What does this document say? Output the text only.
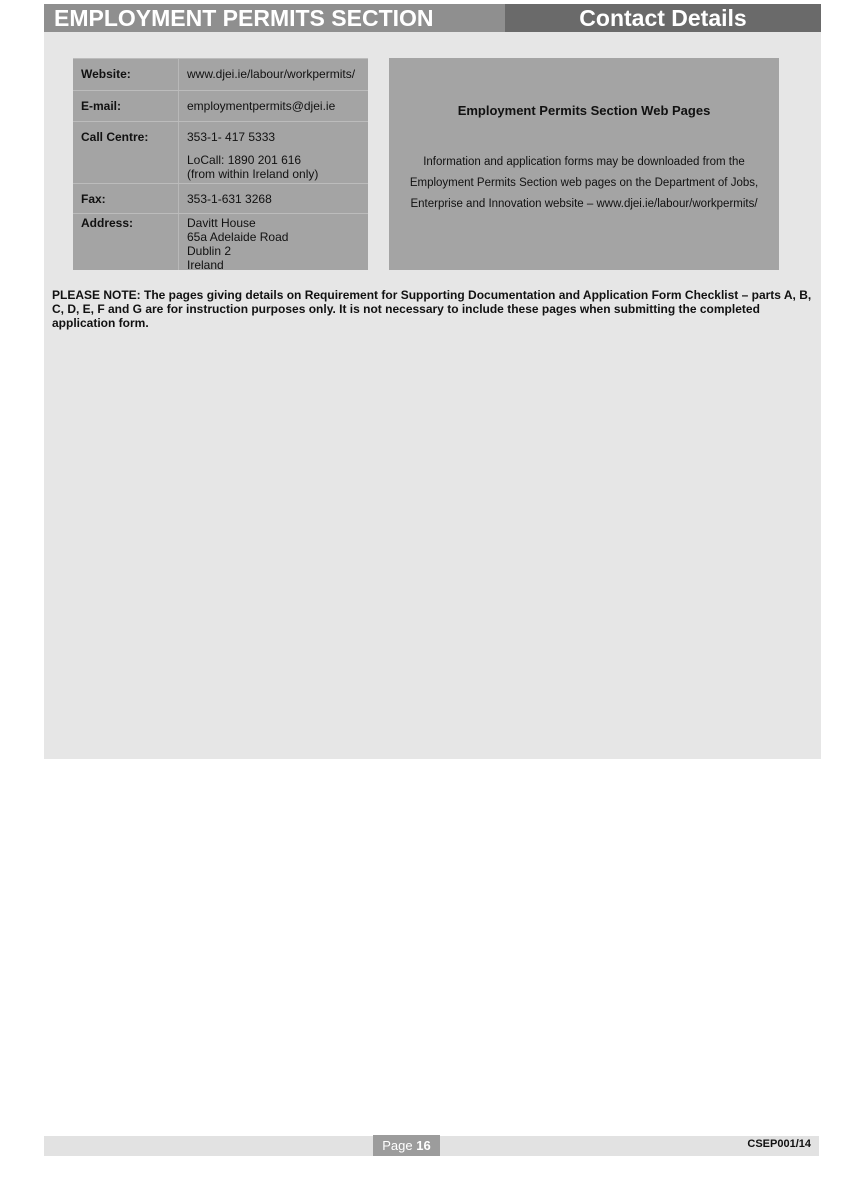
EMPLOYMENT PERMITS SECTION	Contact Details
Website:	www.djei.ie/labour/workpermits/
E-mail:	employmentpermits@djei.ie
Call Centre:	353-1- 417 5333
LoCall: 1890 201 616
(from within Ireland only)
Fax:	353-1-631 3268
Address:	Davitt House
65a Adelaide Road
Dublin 2
Ireland
Employment Permits Section Web Pages
Information and application forms may be downloaded from the
Employment Permits Section web pages on the Department of Jobs,
Enterprise and Innovation website – www.djei.ie/labour/workpermits/
PLEASE NOTE: The pages giving details on Requirement for Supporting Documentation and Application Form Checklist – parts A, B, C, D, E, F and G are for instruction purposes only. It is not necessary to include these pages when submitting the completed application form.
Page 16	CSEP001/14
